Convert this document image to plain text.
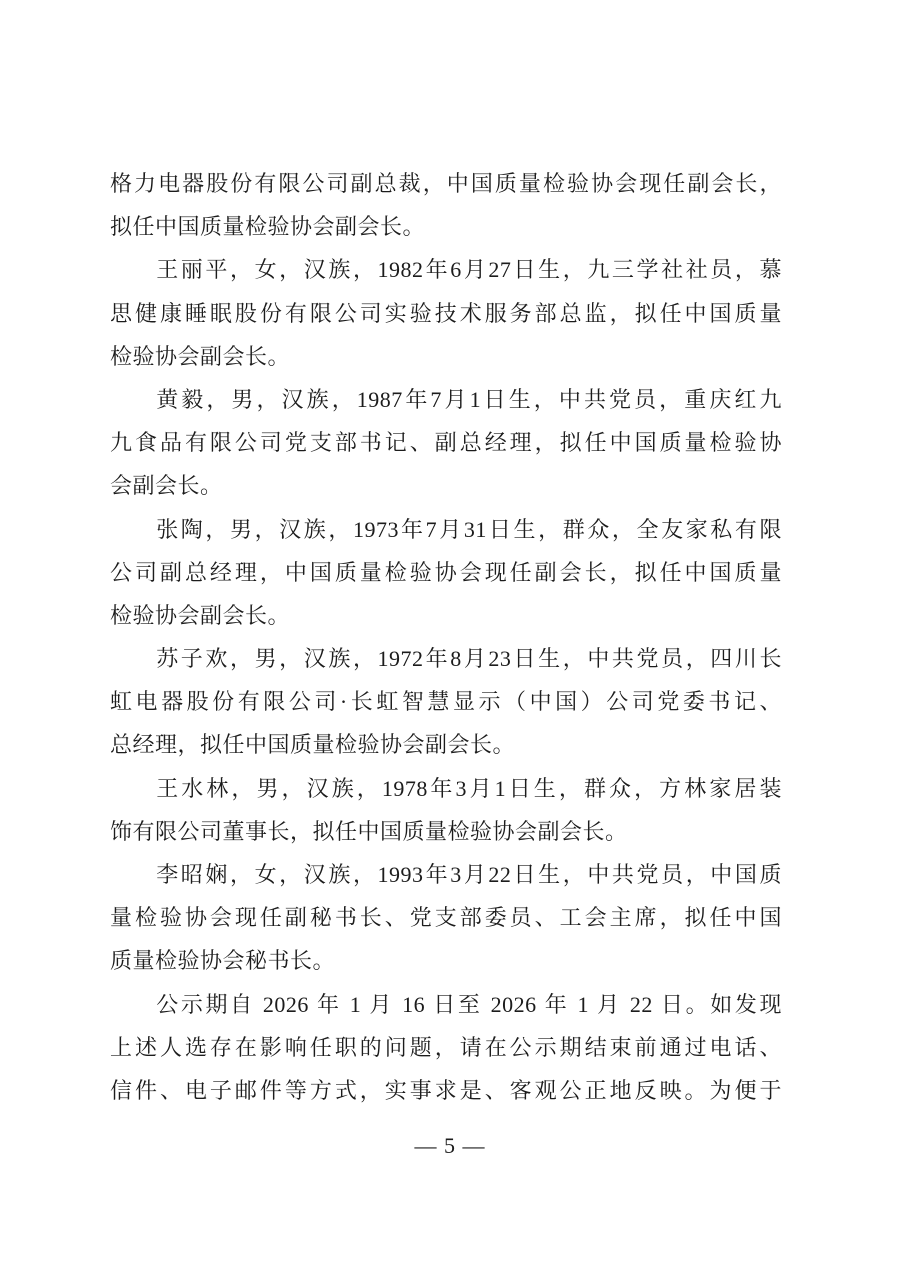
格力电器股份有限公司副总裁，中国质量检验协会现任副会长，
拟任中国质量检验协会副会长。
王丽平，女，汉族，1982年6月27日生，九三学社社员，慕
思健康睡眠股份有限公司实验技术服务部总监，拟任中国质量
检验协会副会长。
黄毅，男，汉族，1987年7月1日生，中共党员，重庆红九
九食品有限公司党支部书记、副总经理，拟任中国质量检验协
会副会长。
张陶，男，汉族，1973年7月31日生，群众，全友家私有限
公司副总经理，中国质量检验协会现任副会长，拟任中国质量
检验协会副会长。
苏子欢，男，汉族，1972年8月23日生，中共党员，四川长
虹电器股份有限公司·长虹智慧显示（中国）公司党委书记、
总经理，拟任中国质量检验协会副会长。
王水林，男，汉族，1978年3月1日生，群众，方林家居装
饰有限公司董事长，拟任中国质量检验协会副会长。
李昭娴，女，汉族，1993年3月22日生，中共党员，中国质
量检验协会现任副秘书长、党支部委员、工会主席，拟任中国
质量检验协会秘书长。
公示期自 2026 年 1 月 16 日至 2026 年 1 月 22 日。如发现
上述人选存在影响任职的问题，请在公示期结束前通过电话、
信件、电子邮件等方式，实事求是、客观公正地反映。为便于
— 5 —
